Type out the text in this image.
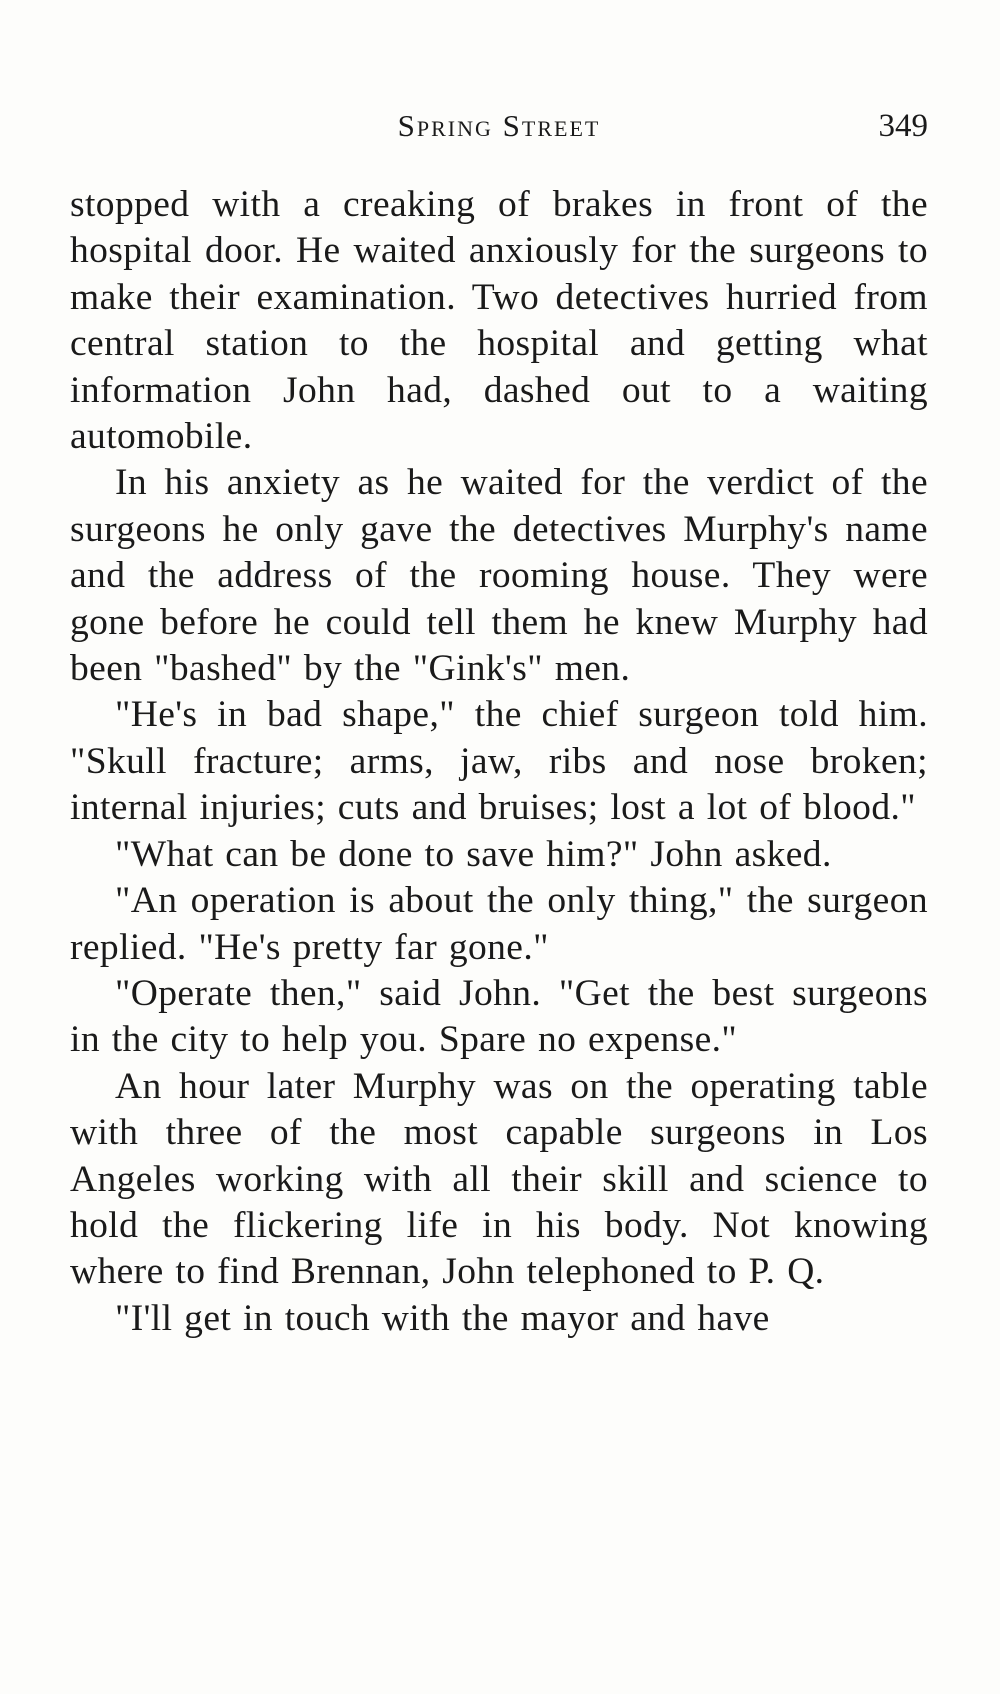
Spring Street	349

stopped with a creaking of brakes in front of the hospital door. He waited anxiously for the surgeons to make their examination. Two detectives hurried from central station to the hospital and getting what information John had, dashed out to a waiting automobile.

In his anxiety as he waited for the verdict of the surgeons he only gave the detectives Murphy's name and the address of the rooming house. They were gone before he could tell them he knew Murphy had been "bashed" by the "Gink's" men.

"He's in bad shape," the chief surgeon told him. "Skull fracture; arms, jaw, ribs and nose broken; internal injuries; cuts and bruises; lost a lot of blood."

"What can be done to save him?" John asked.

"An operation is about the only thing," the surgeon replied. "He's pretty far gone."

"Operate then," said John. "Get the best surgeons in the city to help you. Spare no expense."

An hour later Murphy was on the operating table with three of the most capable surgeons in Los Angeles working with all their skill and science to hold the flickering life in his body. Not knowing where to find Brennan, John telephoned to P. Q.

"I'll get in touch with the mayor and have
